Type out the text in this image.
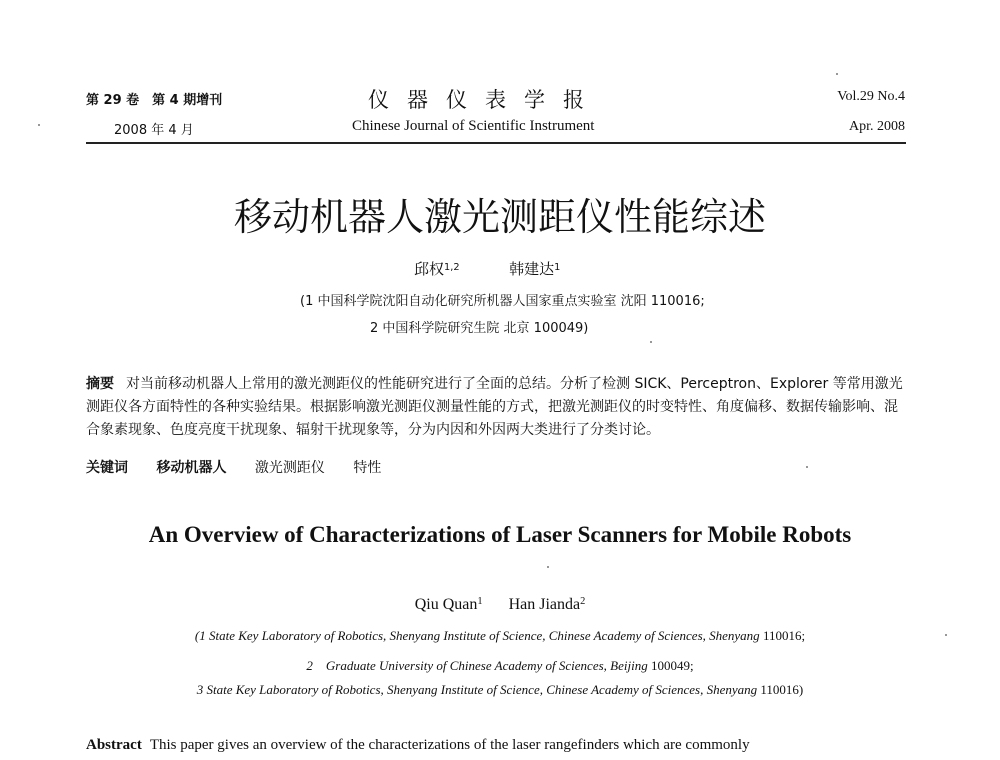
第 29 卷　第 4 期增刊
2008 年 4 月
仪器仪表学报
Chinese Journal of Scientific Instrument
Vol.29 No.4
Apr. 2008
移动机器人激光测距仪性能综述
邱权$^{1,2}$	韩建达$^1$
(1 中国科学院沈阳自动化研究所机器人国家重点实验室 沈阳 110016;
2 中国科学院研究生院 北京 100049)
摘要 对当前移动机器人上常用的激光测距仪的性能研究进行了全面的总结。分析了检测 SICK、Perceptron、Explorer 等常用激光测距仪各方面特性的各种实验结果。根据影响激光测距仪测量性能的方式，把激光测距仪的时变特性、角度偏移、数据传输影响、混合象素现象、色度亮度干扰现象、辐射干扰现象等，分为内因和外因两大类进行了分类讨论。
关键词 移动机器人 激光测距仪 特性
An Overview of Characterizations of Laser Scanners for Mobile Robots
Qiu Quan$^1$ Han Jianda$^2$
(1 State Key Laboratory of Robotics, Shenyang Institute of Science, Chinese Academy of Sciences, Shenyang 110016;
2　Graduate University of Chinese Academy of Sciences, Beijing 100049;
3 State Key Laboratory of Robotics, Shenyang Institute of Science, Chinese Academy of Sciences, Shenyang 110016)
Abstract This paper gives an overview of the characterizations of the laser rangefinders which are commonly
